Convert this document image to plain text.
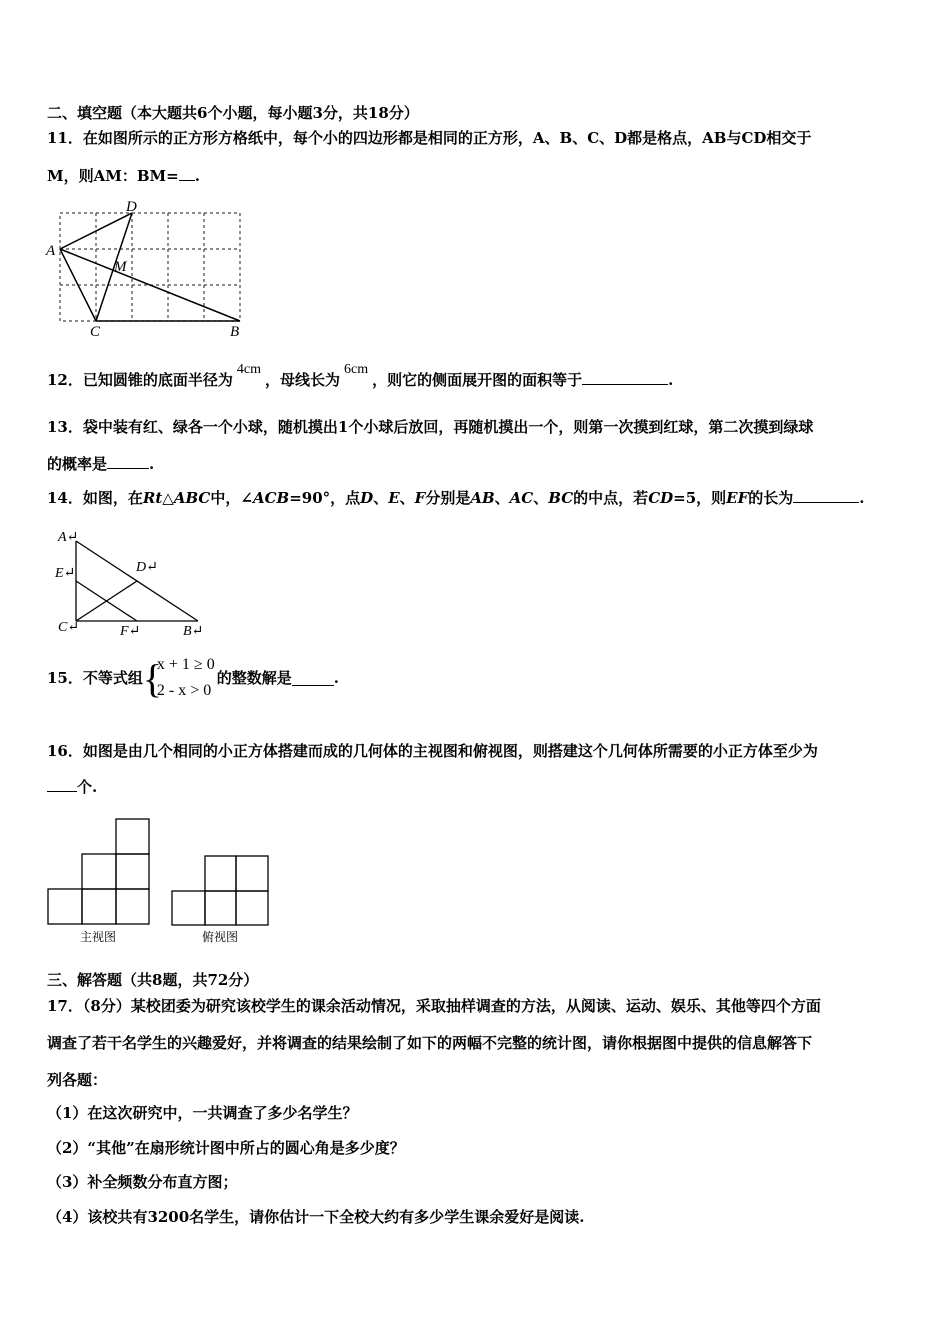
二、填空题（本大题共6个小题，每小题3分，共18分）
11．在如图所示的正方形方格纸中，每个小的四边形都是相同的正方形，A、B、C、D都是格点，AB与CD相交于
M，则AM：BM= .
A
D
M
C	B
12．已知圆锥的底面半径为4cm，母线长为6cm，则它的侧面展开图的面积等于	.
13．袋中装有红、绿各一个小球，随机摸出1个小球后放回，再随机摸出一个，则第一次摸到红球，第二次摸到绿球
的概率是	.
14．如图，在Rt△ABC中，∠ACB=90°，点D、E、F分别是AB、AC、BC的中点，若CD=5，则EF的长为	.
A↵
E↵	D↵
C↵	F↵	B↵
15．不等式组 {
x + 1 ≥ 0
2 - x > 0
的整数解是	.
16．如图是由几个相同的小正方体搭建而成的几何体的主视图和俯视图，则搭建这个几何体所需要的小正方体至少为
个.
主视图	俯视图
三、解答题（共8题，共72分）
17．（8分）某校团委为研究该校学生的课余活动情况，采取抽样调查的方法，从阅读、运动、娱乐、其他等四个方面
调查了若干名学生的兴趣爱好，并将调查的结果绘制了如下的两幅不完整的统计图，请你根据图中提供的信息解答下
列各题：
（1）在这次研究中，一共调查了多少名学生？
（2）“其他”在扇形统计图中所占的圆心角是多少度？
（3）补全频数分布直方图；
（4）该校共有3200名学生，请你估计一下全校大约有多少学生课余爱好是阅读.
